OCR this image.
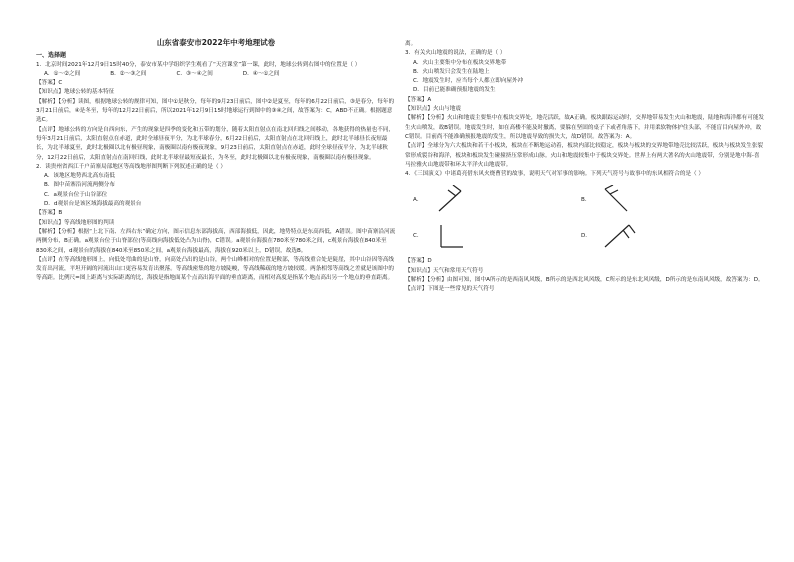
山东省泰安市2022年中考地理试卷

一、选择题

1．北京时间2021年12月9日15时40分，泰安市某中学组织学生观看了“天宫课堂”第一课，此时，地球公转到右图中的位置是（ ）

A．①～②之间	B．②～③之间	C．③～④之间	D．④～①之间

【答案】C

【知识点】地球公转的基本特征

【解析】【分析】读图，根据地球公转的规律可知，图中①是秋分，每年的9月23日前后，图中②是夏至，每年的6月22日前后，③是春分，每年的3月21日前后，④是冬至，每年的12月22日前后，所以2021年12月9日15时地球运行到图中的③④之间，故答案为：C，ABD不正确。根据题意选C。

【点评】地球公转的方向是自西向东，产生的现象是四季的变化和五带的划分，随着太阳直射点在南北回归线之间移动，各地获得的热量也不同，每年3月21日前后，太阳直射点在赤道，此时全球昼夜平分，为北半球春分，6月22日前后，太阳直射点在北回归线上，此时北半球昼长夜短最长，为北半球夏至，此时北极圈以北有极昼现象，南极圈以南有极夜现象，9月23日前后，太阳直射点在赤道，此时全球昼夜平分，为北半球秋分，12月22日前后，太阳直射点在南回归线，此时北半球昼最短夜最长，为冬至，此时北极圈以北有极夜现象，南极圈以南有极昼现象。

2．读贵州省西江千户苗寨局部地区等高线地形图判断下列叙述正确的是（ ）

A．该地区地势西北高东南低

B．图中苗寨沿河流两侧分布

C．a观景台位于山谷部位

D．d观景台是该区域海拔最高的观景台

【答案】B

【知识点】等高线地形图的判读

【解析】【分析】根据“上北下南、左西右东”确定方向，图示信息东部海拔高，西部海拔低，因此，地势特点是东高西低，A错误。图中苗寨沿河流两侧分布，B正确。a观景台位于山脊部位(等高线向海拔低处凸为山脊)，C错误。a观景台海拔在780米至780米之间，c观景台海拔在840米至830米之间，d观景台的海拔在840米至850米之间，a观景台海拔最高，海拔在920米以上，D错误，故选B。

【点评】在等高线地形图上，向低处弯曲的是山脊，向高处凸出的是山谷，两个山峰相对的位置是鞍部，等高线重合处是陡崖，其中山谷因等高线发育出河流，平坦开阔的河流出山口更容易发育出聚落。等高线密集的地方坡陡峻，等高线稀疏的地方坡较缓。两条相邻等高线之差就是该图中的等高距。比例尺=图上距离与实际距离的比，海拔是指地面某个点高出海平面的垂直距离，而相对高度是指某个地点高出另一个地点的垂直距离。

离。

3．有关火山地震的说法，正确的是（ ）

A．火山主要集中分布在板块交界地带

B．火山喷发只会发生在陆地上

C．地震发生时，应当每个人都立即向屋外冲

D．目前已能准确预报地震的发生

【答案】A

【知识点】火山与地震

【解析】【分析】火山和地震主要集中在板块交界处，地壳活跃，故A正确。板块跟踪运动时，交界地带易发生火山和地震，陆地和海洋都有可能发生火山喷发，故B错误。地震发生时，如在高楼不能及时撤离，要躲在坚固的桌子下或者角落下，并用柔软物体护住头部，不能盲目向屋外冲，故C错误。目前尚不能准确预报地震的发生，所以地震导致的损失大，故D错误。故答案为：A。

【点评】全球分为六大板块和若干小板块，板块在不断地运动着，板块内部比较稳定，板块与板块的交界地带地壳比较活跃，板块与板块发生张裂常形成裂谷和海洋，板块和板块发生碰撞挤压常形成山脉。火山和地震较集中于板块交界处。世界上有两大著名的火山地震带，分别是地中海-喜马拉雅火山地震带和环太平洋火山地震带。

4．《三国演义》中诸葛亮借东风火烧曹营的故事，说明天气对军事的影响。下列天气符号与故事中的东风相符合的是（ ）

A．	B．
C．	D．

【答案】D

【知识点】天气和常用天气符号

【解析】【分析】由图可知，图中A所示的是西南风风级，B所示的是西北风风级，C所示的是东北风风级，D所示的是东南风风级，故答案为：D。

【点评】下图是一些常见的天气符号
